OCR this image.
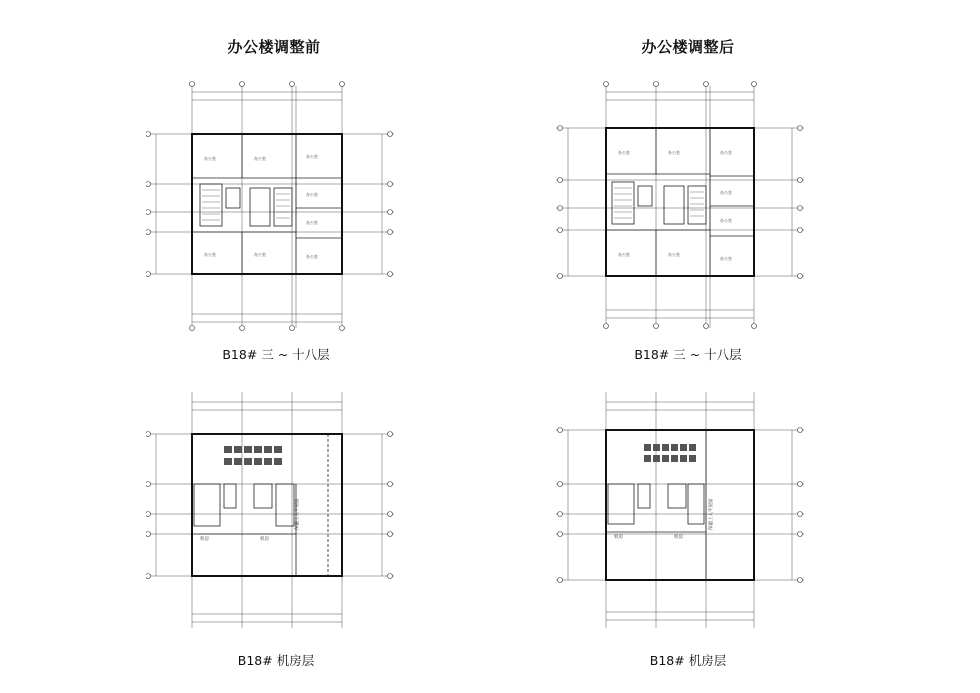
办公楼调整前	办公楼调整后
办公室	办公室
办公室	办公室
办公室
办公室
办公室
办公室
办公室	办公室
办公室	办公室
办公室
办公室
办公室
办公室
保温上人平屋面
机房	机房
保温上人平屋面
机房	机房
B18# 三 ~ 十八层	B18# 三 ~ 十八层
B18# 机房层	B18# 机房层
